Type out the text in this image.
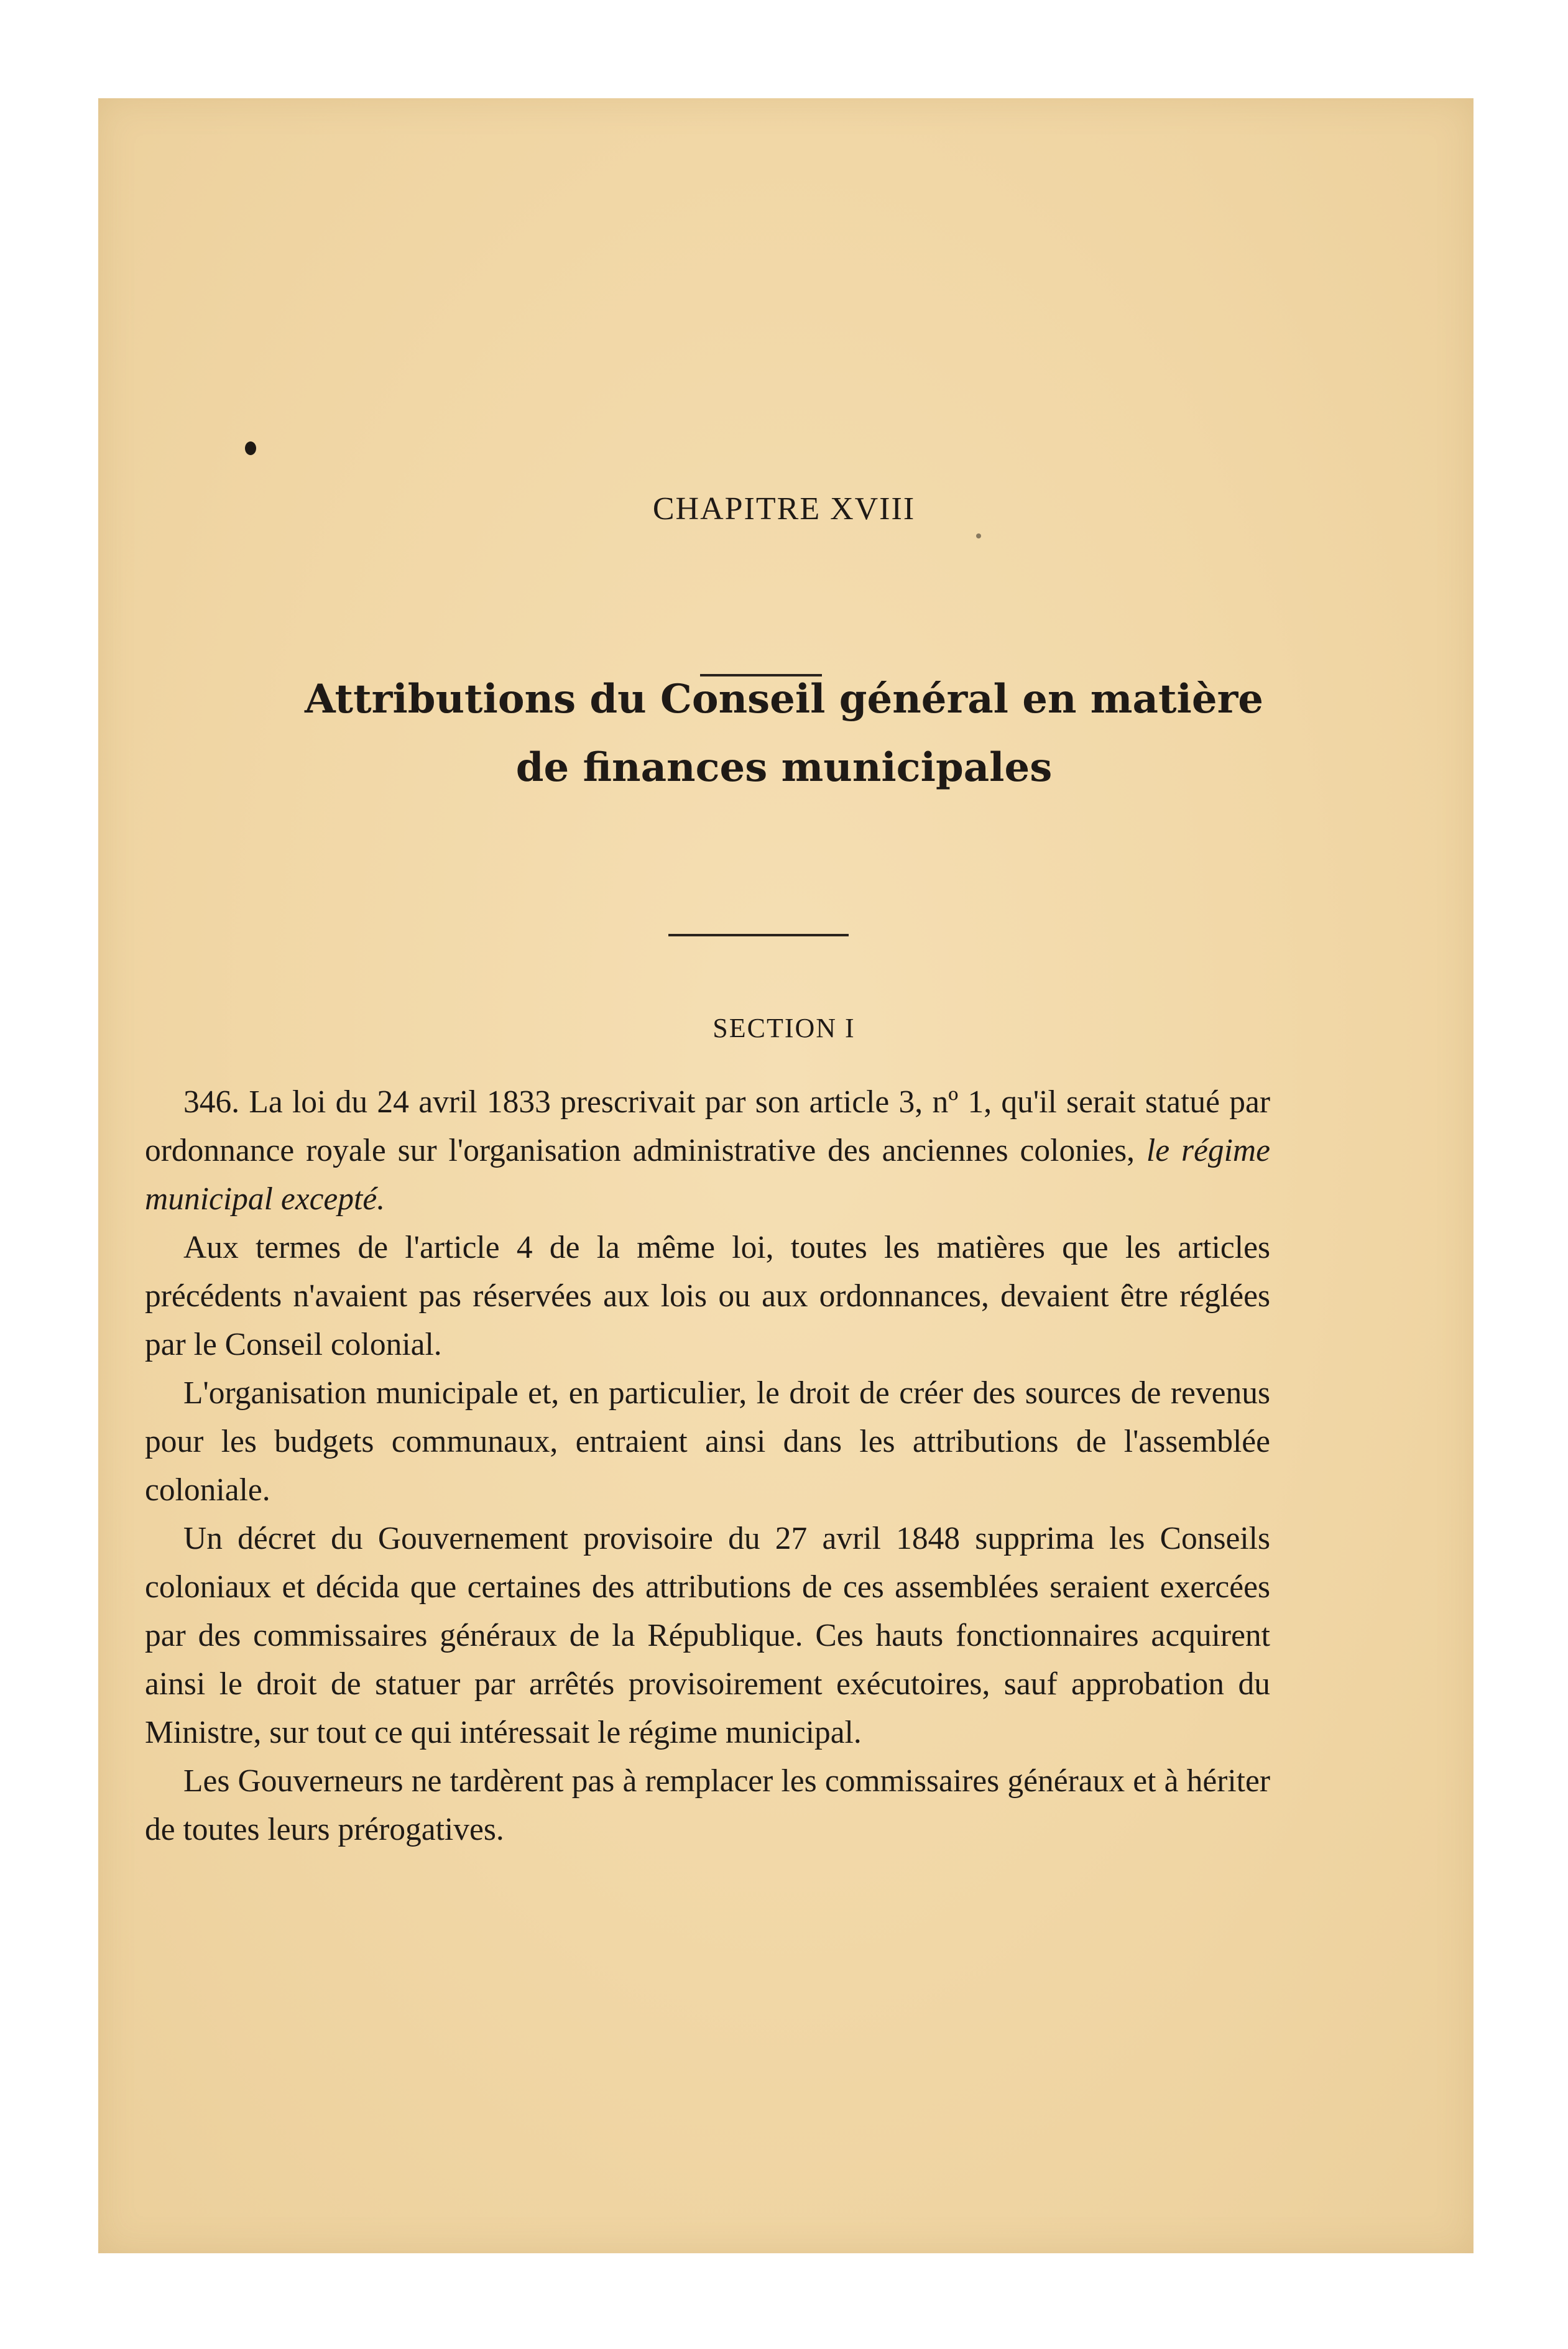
CHAPITRE XVIII
Attributions du Conseil général en matière
de finances municipales
SECTION I

346. La loi du 24 avril 1833 prescrivait par son article 3, nº 1, qu'il serait statué par ordonnance royale sur l'organisation administrative des anciennes colonies, le régime municipal excepté.

Aux termes de l'article 4 de la même loi, toutes les matières que les articles précédents n'avaient pas réservées aux lois ou aux ordonnances, devaient être réglées par le Conseil colonial.

L'organisation municipale et, en particulier, le droit de créer des sources de revenus pour les budgets communaux, entraient ainsi dans les attributions de l'assemblée coloniale.

Un décret du Gouvernement provisoire du 27 avril 1848 supprima les Conseils coloniaux et décida que certaines des attributions de ces assemblées seraient exercées par des commissaires généraux de la République. Ces hauts fonctionnaires acquirent ainsi le droit de statuer par arrêtés provisoirement exécutoires, sauf approbation du Ministre, sur tout ce qui intéressait le régime municipal.

Les Gouverneurs ne tardèrent pas à remplacer les commissaires généraux et à hériter de toutes leurs prérogatives.
